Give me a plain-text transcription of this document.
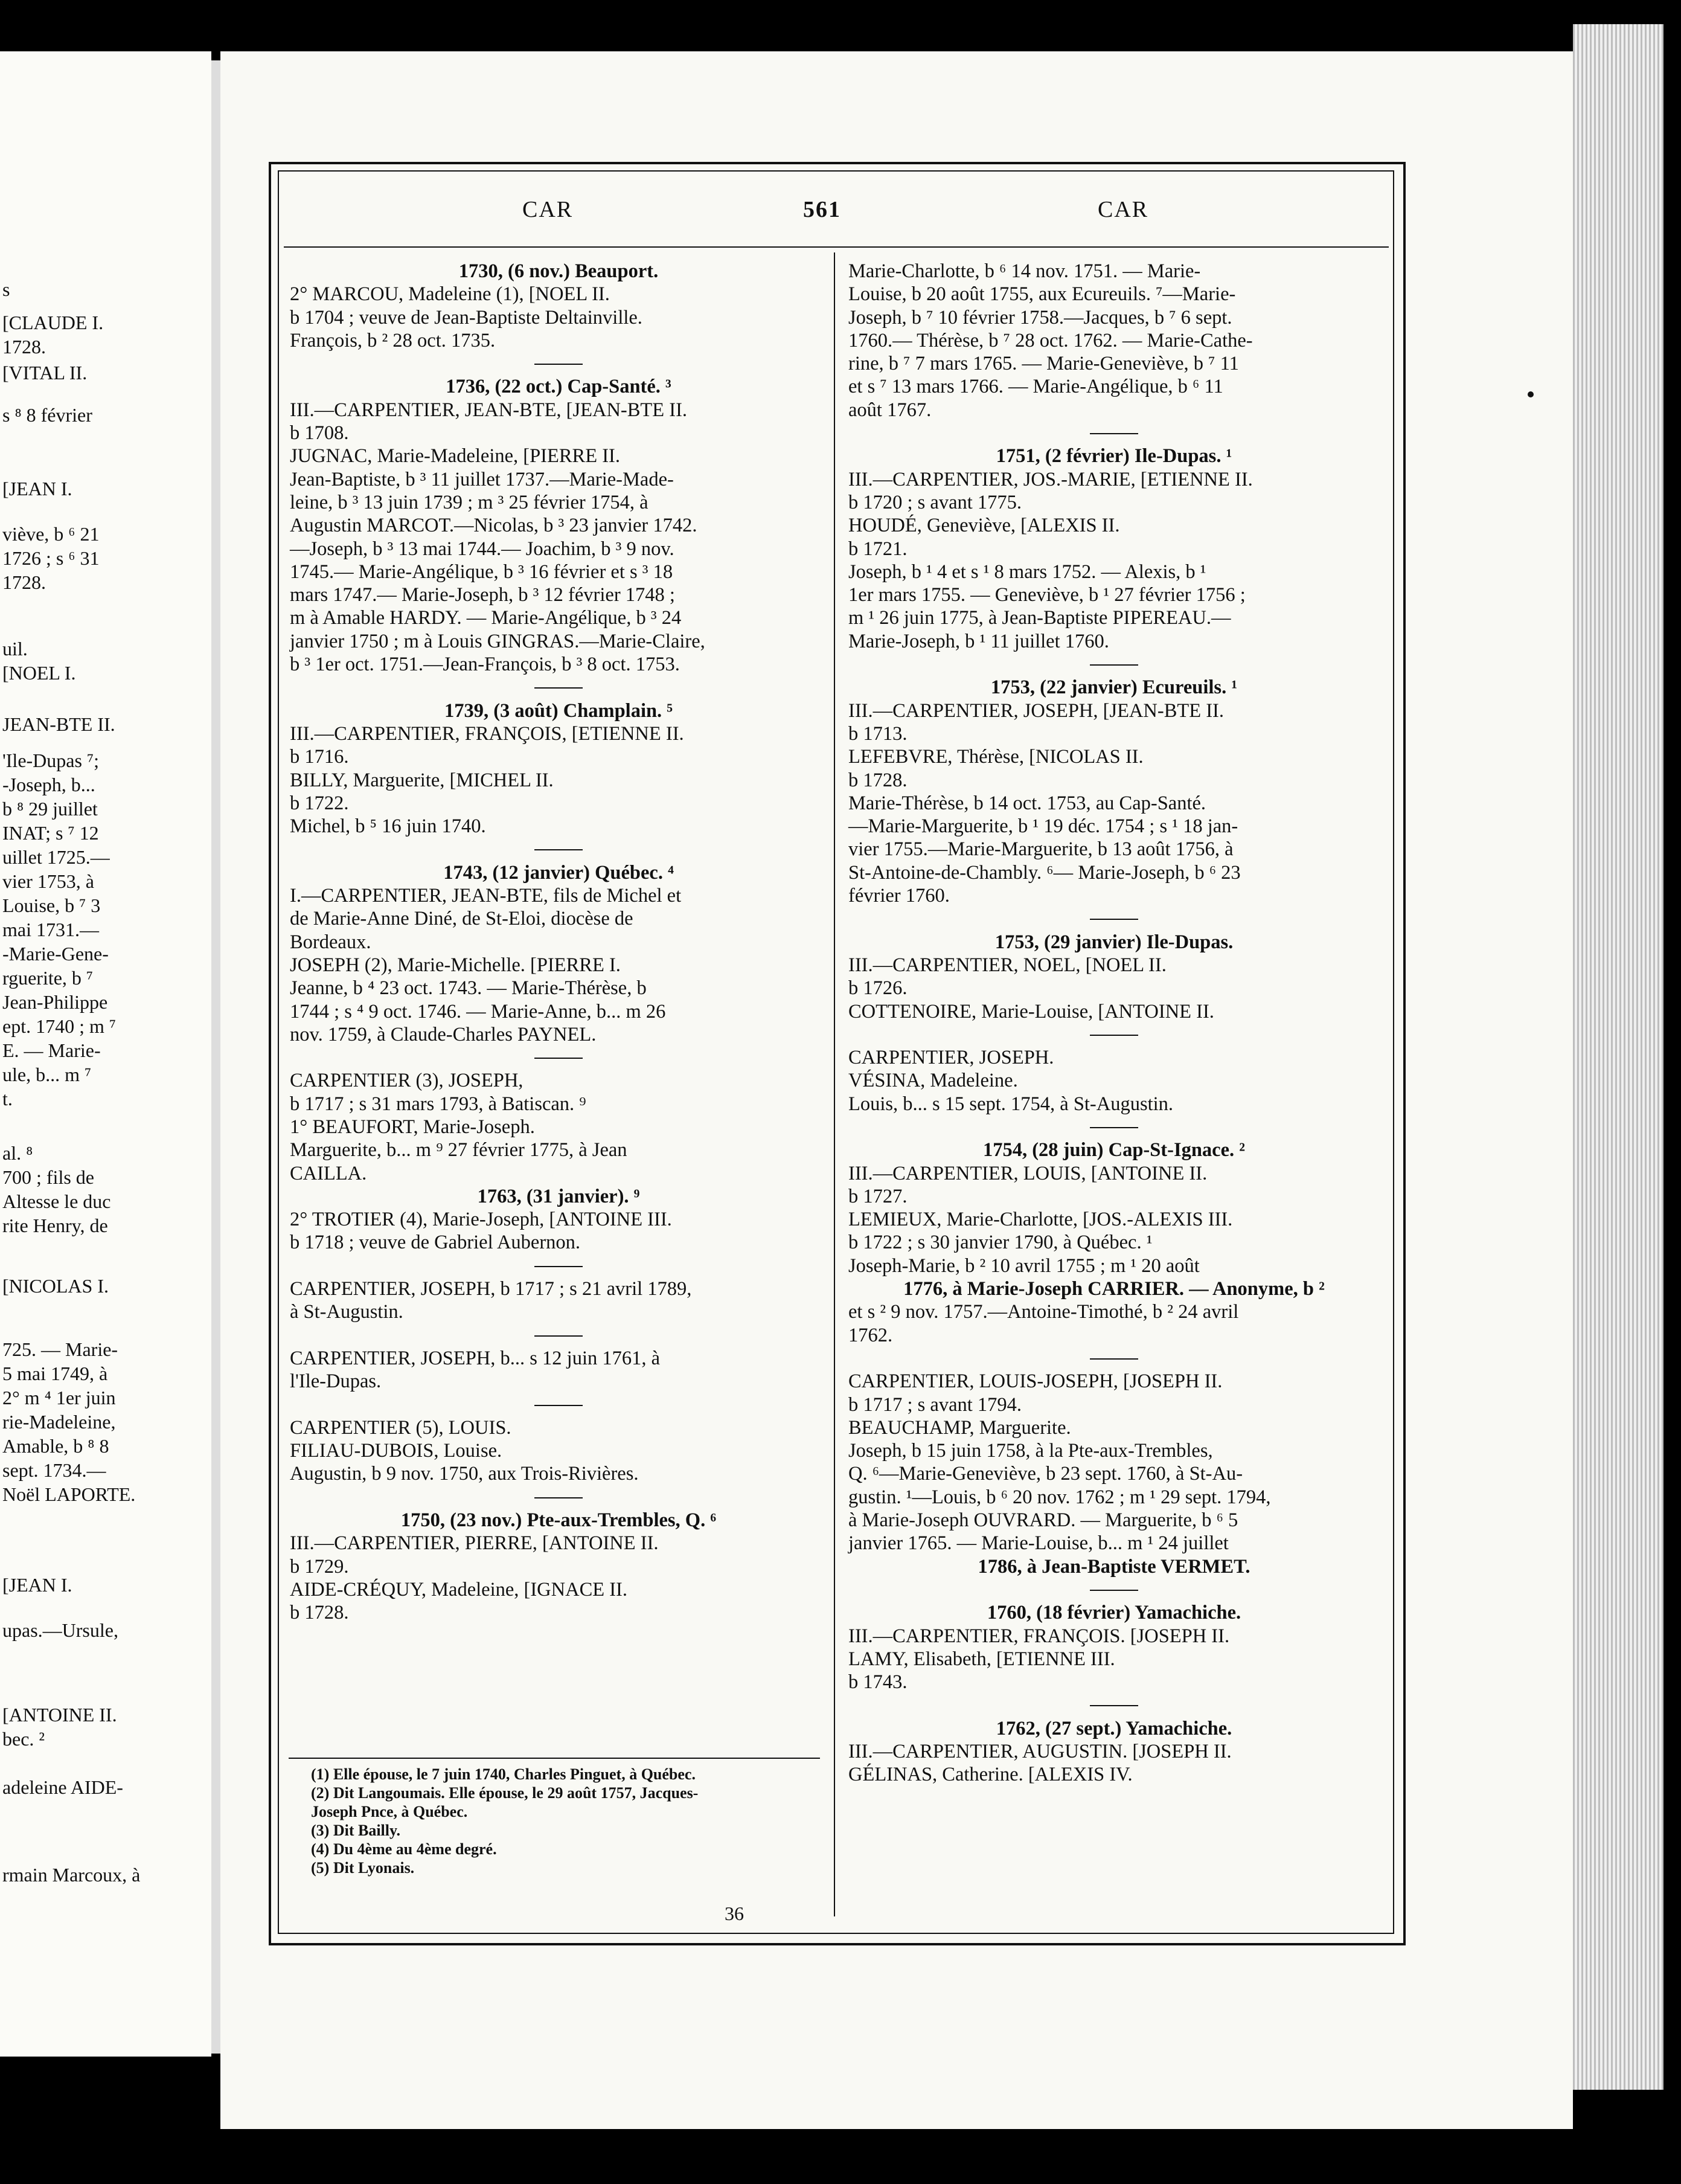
s
[CLAUDE I.
1728.
[VITAL II.
s ⁸ 8 février
[JEAN I.
viève, b ⁶ 21
1726 ; s ⁶ 31
1728.
uil.
[NOEL I.
JEAN-BTE II.
'Ile-Dupas ⁷;
-Joseph, b...
b ⁸ 29 juillet
INAT; s ⁷ 12
uillet 1725.—
vier 1753, à
Louise, b ⁷ 3
mai 1731.—
-Marie-Gene-
rguerite, b ⁷
Jean-Philippe
ept. 1740 ; m ⁷
E. — Marie-
ule, b... m ⁷
t.
al. ⁸
700 ; fils de
Altesse le duc
rite Henry, de
[NICOLAS I.
725. — Marie-
5 mai 1749, à
2° m ⁴ 1er juin
rie-Madeleine,
Amable, b ⁸ 8
sept. 1734.—
Noël LAPORTE.
[JEAN I.
upas.—Ursule,
[ANTOINE II.
bec. ²
adeleine AIDE-
rmain Marcoux, à
CAR	561	CAR
1730, (6 nov.) Beauport.
2° MARCOU, Madeleine (1), [NOEL II.
b 1704 ; veuve de Jean-Baptiste Deltainville.
François, b ² 28 oct. 1735.
1736, (22 oct.) Cap-Santé. ³
III.—CARPENTIER, JEAN-BTE, [JEAN-BTE II.
b 1708.
JUGNAC, Marie-Madeleine, [PIERRE II.
Jean-Baptiste, b ³ 11 juillet 1737.—Marie-Made-
leine, b ³ 13 juin 1739 ; m ³ 25 février 1754, à
Augustin MARCOT.—Nicolas, b ³ 23 janvier 1742.
—Joseph, b ³ 13 mai 1744.— Joachim, b ³ 9 nov.
1745.— Marie-Angélique, b ³ 16 février et s ³ 18
mars 1747.— Marie-Joseph, b ³ 12 février 1748 ;
m à Amable HARDY. — Marie-Angélique, b ³ 24
janvier 1750 ; m à Louis GINGRAS.—Marie-Claire,
b ³ 1er oct. 1751.—Jean-François, b ³ 8 oct. 1753.
1739, (3 août) Champlain. ⁵
III.—CARPENTIER, FRANÇOIS, [ETIENNE II.
b 1716.
BILLY, Marguerite, [MICHEL II.
b 1722.
Michel, b ⁵ 16 juin 1740.
1743, (12 janvier) Québec. ⁴
I.—CARPENTIER, JEAN-BTE, fils de Michel et
de Marie-Anne Diné, de St-Eloi, diocèse de
Bordeaux.
JOSEPH (2), Marie-Michelle. [PIERRE I.
Jeanne, b ⁴ 23 oct. 1743. — Marie-Thérèse, b
1744 ; s ⁴ 9 oct. 1746. — Marie-Anne, b... m 26
nov. 1759, à Claude-Charles PAYNEL.
CARPENTIER (3), JOSEPH,
b 1717 ; s 31 mars 1793, à Batiscan. ⁹
1° BEAUFORT, Marie-Joseph.
Marguerite, b... m ⁹ 27 février 1775, à Jean
CAILLA.
1763, (31 janvier). ⁹
2° TROTIER (4), Marie-Joseph, [ANTOINE III.
b 1718 ; veuve de Gabriel Aubernon.
CARPENTIER, JOSEPH, b 1717 ; s 21 avril 1789,
à St-Augustin.
CARPENTIER, JOSEPH, b... s 12 juin 1761, à
l'Ile-Dupas.
CARPENTIER (5), LOUIS.
FILIAU-DUBOIS, Louise.
Augustin, b 9 nov. 1750, aux Trois-Rivières.
1750, (23 nov.) Pte-aux-Trembles, Q. ⁶
III.—CARPENTIER, PIERRE, [ANTOINE II.
b 1729.
AIDE-CRÉQUY, Madeleine, [IGNACE II.
b 1728.
Marie-Charlotte, b ⁶ 14 nov. 1751. — Marie-
Louise, b 20 août 1755, aux Ecureuils. ⁷—Marie-
Joseph, b ⁷ 10 février 1758.—Jacques, b ⁷ 6 sept.
1760.— Thérèse, b ⁷ 28 oct. 1762. — Marie-Cathe-
rine, b ⁷ 7 mars 1765. — Marie-Geneviève, b ⁷ 11
et s ⁷ 13 mars 1766. — Marie-Angélique, b ⁶ 11
août 1767.
1751, (2 février) Ile-Dupas. ¹
III.—CARPENTIER, JOS.-MARIE, [ETIENNE II.
b 1720 ; s avant 1775.
HOUDÉ, Geneviève, [ALEXIS II.
b 1721.
Joseph, b ¹ 4 et s ¹ 8 mars 1752. — Alexis, b ¹
1er mars 1755. — Geneviève, b ¹ 27 février 1756 ;
m ¹ 26 juin 1775, à Jean-Baptiste PIPEREAU.—
Marie-Joseph, b ¹ 11 juillet 1760.
1753, (22 janvier) Ecureuils. ¹
III.—CARPENTIER, JOSEPH, [JEAN-BTE II.
b 1713.
LEFEBVRE, Thérèse, [NICOLAS II.
b 1728.
Marie-Thérèse, b 14 oct. 1753, au Cap-Santé.
—Marie-Marguerite, b ¹ 19 déc. 1754 ; s ¹ 18 jan-
vier 1755.—Marie-Marguerite, b 13 août 1756, à
St-Antoine-de-Chambly. ⁶— Marie-Joseph, b ⁶ 23
février 1760.
1753, (29 janvier) Ile-Dupas.
III.—CARPENTIER, NOEL, [NOEL II.
b 1726.
COTTENOIRE, Marie-Louise, [ANTOINE II.
CARPENTIER, JOSEPH.
VÉSINA, Madeleine.
Louis, b... s 15 sept. 1754, à St-Augustin.
1754, (28 juin) Cap-St-Ignace. ²
III.—CARPENTIER, LOUIS, [ANTOINE II.
b 1727.
LEMIEUX, Marie-Charlotte, [JOS.-ALEXIS III.
b 1722 ; s 30 janvier 1790, à Québec. ¹
Joseph-Marie, b ² 10 avril 1755 ; m ¹ 20 août
1776, à Marie-Joseph CARRIER. — Anonyme, b ²
et s ² 9 nov. 1757.—Antoine-Timothé, b ² 24 avril
1762.
CARPENTIER, LOUIS-JOSEPH, [JOSEPH II.
b 1717 ; s avant 1794.
BEAUCHAMP, Marguerite.
Joseph, b 15 juin 1758, à la Pte-aux-Trembles,
Q. ⁶—Marie-Geneviève, b 23 sept. 1760, à St-Au-
gustin. ¹—Louis, b ⁶ 20 nov. 1762 ; m ¹ 29 sept. 1794,
à Marie-Joseph OUVRARD. — Marguerite, b ⁶ 5
janvier 1765. — Marie-Louise, b... m ¹ 24 juillet
1786, à Jean-Baptiste VERMET.
1760, (18 février) Yamachiche.
III.—CARPENTIER, FRANÇOIS. [JOSEPH II.
LAMY, Elisabeth, [ETIENNE III.
b 1743.
1762, (27 sept.) Yamachiche.
III.—CARPENTIER, AUGUSTIN. [JOSEPH II.
GÉLINAS, Catherine. [ALEXIS IV.
(1) Elle épouse, le 7 juin 1740, Charles Pinguet, à Québec.
(2) Dit Langoumais. Elle épouse, le 29 août 1757, Jacques-
Joseph Pnce, à Québec.
(3) Dit Bailly.
(4) Du 4ème au 4ème degré.
(5) Dit Lyonais.
36
